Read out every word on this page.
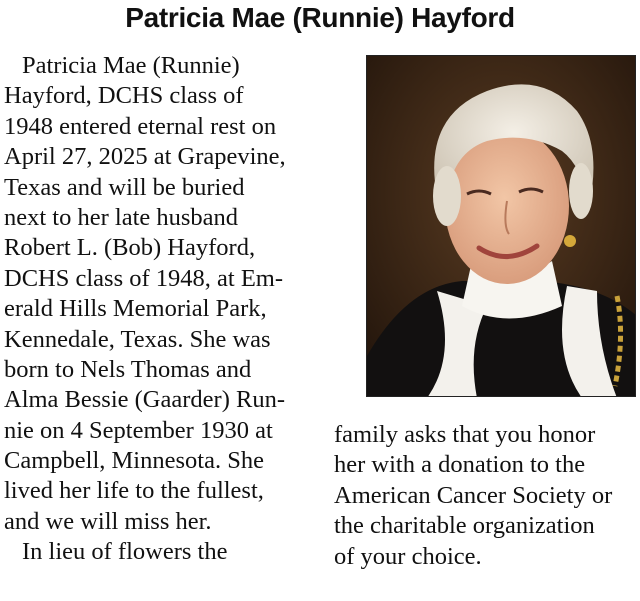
Patricia Mae (Runnie) Hayford
Patricia Mae (Runnie)
Hayford, DCHS class of
1948 entered eternal rest on
April 27, 2025 at Grapevine,
Texas and will be buried
next to her late husband
Robert L. (Bob) Hayford,
DCHS class of 1948, at Em-
erald Hills Memorial Park,
Kennedale, Texas. She was
born to Nels Thomas and
Alma Bessie (Gaarder) Run-
nie on 4 September 1930 at
Campbell, Minnesota. She
lived her life to the fullest,
and we will miss her.
In lieu of flowers the
family asks that you honor
her with a donation to the
American Cancer Society or
the charitable organization
of your choice.
